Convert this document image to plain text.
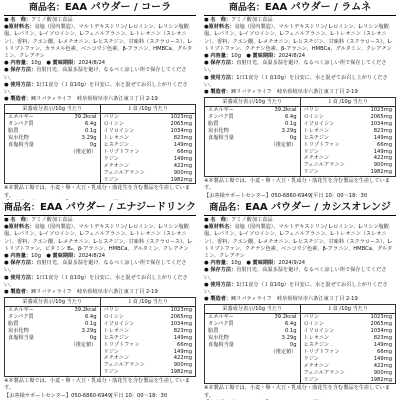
商品名：EAA パウダー / コーラ
● 名　称：アミノ酸加工食品
●原材料名：食塩（国内製造）、マルトデキストリン/ L-ロイシン、L-リシン塩酸塩、L-バリン、L-イソロイシン、L-フェニルアラニン、L-トレオニン（スレオニン）、香料、クエン酸、L-メチオニン、L-ヒスチジン、甘味料（スクラロース）、L-トリプトファン、カラメル色素、ベニコウジ色素、β-アラニン、HMBCa、グルタミン、クレアチン
● 内容量：10g　 ● 賞味期限：2024/8/24
● 保存方法：直射日光、高温多湿を避け、なるべく涼しい所で保存してください。
● 使用方法：1日1食分（１食10g）を目安に、水と混ぜてお召し上がりください。
● 製造者：㈱リバティライフ　岐阜県岐阜市六条江東３丁目 2-19
栄養成分表示/10g 当たり
エネルギー	39.2kcal
タンパク質	6.4g
脂質	0.1g
炭水化物	3.29g
食塩相当量	0g
（推定値）
１食 /10g 当たり
バリン	1023mg
ロイシン	2065mg
イソロイシン	1034mg
トレオニン	823mg
ヒスチジン	149mg
トリプトファン	66mg
リジン	149mg
メチオニン	422mg
フェニルアラニン	900mg
リジン	1982mg
※本製品工場では、小麦・卵・大豆・乳成分・落花生を含む製品を生産しています。

商品名：EAA パウダー / ラムネ
● 名　称：アミノ酸加工食品
●原材料名：食塩（国内製造）、マルトデキストリン/ L-ロイシン、L-リシン塩酸塩、L-バリン、L-イソロイシン、L-フェニルアラニン、L-トレオニン（スレオニン）、香料、クエン酸、L-メチオニン、L-ヒスチジン、甘味料（スクラロース）、L-トリプトファン、クチナシ色素、β-アラニン、HMBCa、グルタミン、クレアチン
● 内容量：10g　 ● 賞味期限：2024/8/24
● 保存方法：直射日光、高温多湿を避け、なるべく涼しい所で保存してください。
● 使用方法：1日1食分（１食10g）を目安に、水と混ぜてお召し上がりください。
● 製造者：㈱リバティライフ　岐阜県岐阜市六条江東３丁目 2-19
栄養成分表示/10g 当たり
エネルギー	39.2kcal
タンパク質	6.4g
脂質	0.1g
炭水化物	3.29g
食塩相当量	0g
（推定値）
１食 /10g 当たり
バリン	1023mg
ロイシン	2065mg
イソロイシン	1034mg
トレオニン	823mg
ヒスチジン	149mg
トリプトファン	66mg
リジン	149mg
メチオニン	422mg
フェニルアラニン	900mg
リジン	1982mg
※本製品工場では、小麦・卵・大豆・乳成分・落花生を含む製品を生産しています。
【お客様サポートセンター】050-6860-6949[平日 10：00～18：30
商品名：EAA パウダー / エナジードリンク
● 名　称：アミノ酸加工食品
●原材料名：食塩（国内製造）、マルトデキストリン/ L-ロイシン、L-リシン塩酸塩、L-バリン、L-イソロイシン、L-フェニルアラニン、L-トレオニン（スレオニン）、香料、クエン酸、L-メチオニン、L-ヒスチジン、甘味料（スクラロース）、L-トリプトファン、ビタミン B₂、β-アラニン、HMBCa、グルタミン、クレアチン
● 内容量：10g　 ● 賞味期限：2024/8/24
● 保存方法：直射日光、高温多湿を避け、なるべく涼しい所で保存してください。
● 使用方法：1日1食分（１食10g）を目安に、水と混ぜてお召し上がりください。
● 製造者：㈱リバティライフ　岐阜県岐阜市六条江東３丁目 2-19
栄養成分表示/10g 当たり
エネルギー	39.2kcal
タンパク質	6.4g
脂質	0.1g
炭水化物	3.29g
食塩相当量	0g
（推定値）
１食 /10g 当たり
バリン	1023mg
ロイシン	2065mg
イソロイシン	1034mg
トレオニン	823mg
ヒスチジン	149mg
トリプトファン	66mg
リジン	149mg
メチオニン	422mg
フェニルアラニン	900mg
リジン	1982mg
※本製品工場では、小麦・卵・大豆・乳成分・落花生を含む製品を生産しています。
【お客様サポートセンター】050-6860-6949[平日 10：00～18：30
商品名：EAA パウダー / カシスオレンジ
● 名　称：アミノ酸加工食品
●原材料名：食塩（国内製造）、マルトデキストリン/ L-ロイシン、L-リシン塩酸塩、L-バリン、L-イソロイシン、L-フェニルアラニン、L-トレオニン（スレオニン）、香料、クエン酸、L-メチオニン、L-ヒスチジン、甘味料（スクラロース）、L-トリプトファン、クチナシ色素、ベニコウジ色素、β-アラニン、HMBCa、グルタミン、クレアチン
● 内容量：10g　 ● 賞味期限：2024/9/24
● 保存方法：直射日光、高温多湿を避け、なるべく涼しい所で保存してください。
● 使用方法：1日1食分（１食10g）を目安に、水と混ぜてお召し上がりください。
● 製造者：㈱リバティライフ　岐阜県岐阜市六条江東３丁目 2-19
栄養成分表示/10g 当たり
エネルギー	39.2kcal
タンパク質	6.4g
脂質	0.1g
炭水化物	3.29g
食塩相当量	0g
（推定値）
１食 /10g 当たり
バリン	1023mg
ロイシン	2065mg
イソロイシン	1034mg
トレオニン	823mg
ヒスチジン	149mg
トリプトファン	66mg
リジン	149mg
メチオニン	422mg
フェニルアラニン	900mg
リジン	1982mg
※本製品工場では、小麦・卵・大豆・乳成分・落花生を含む製品を生産しています。
